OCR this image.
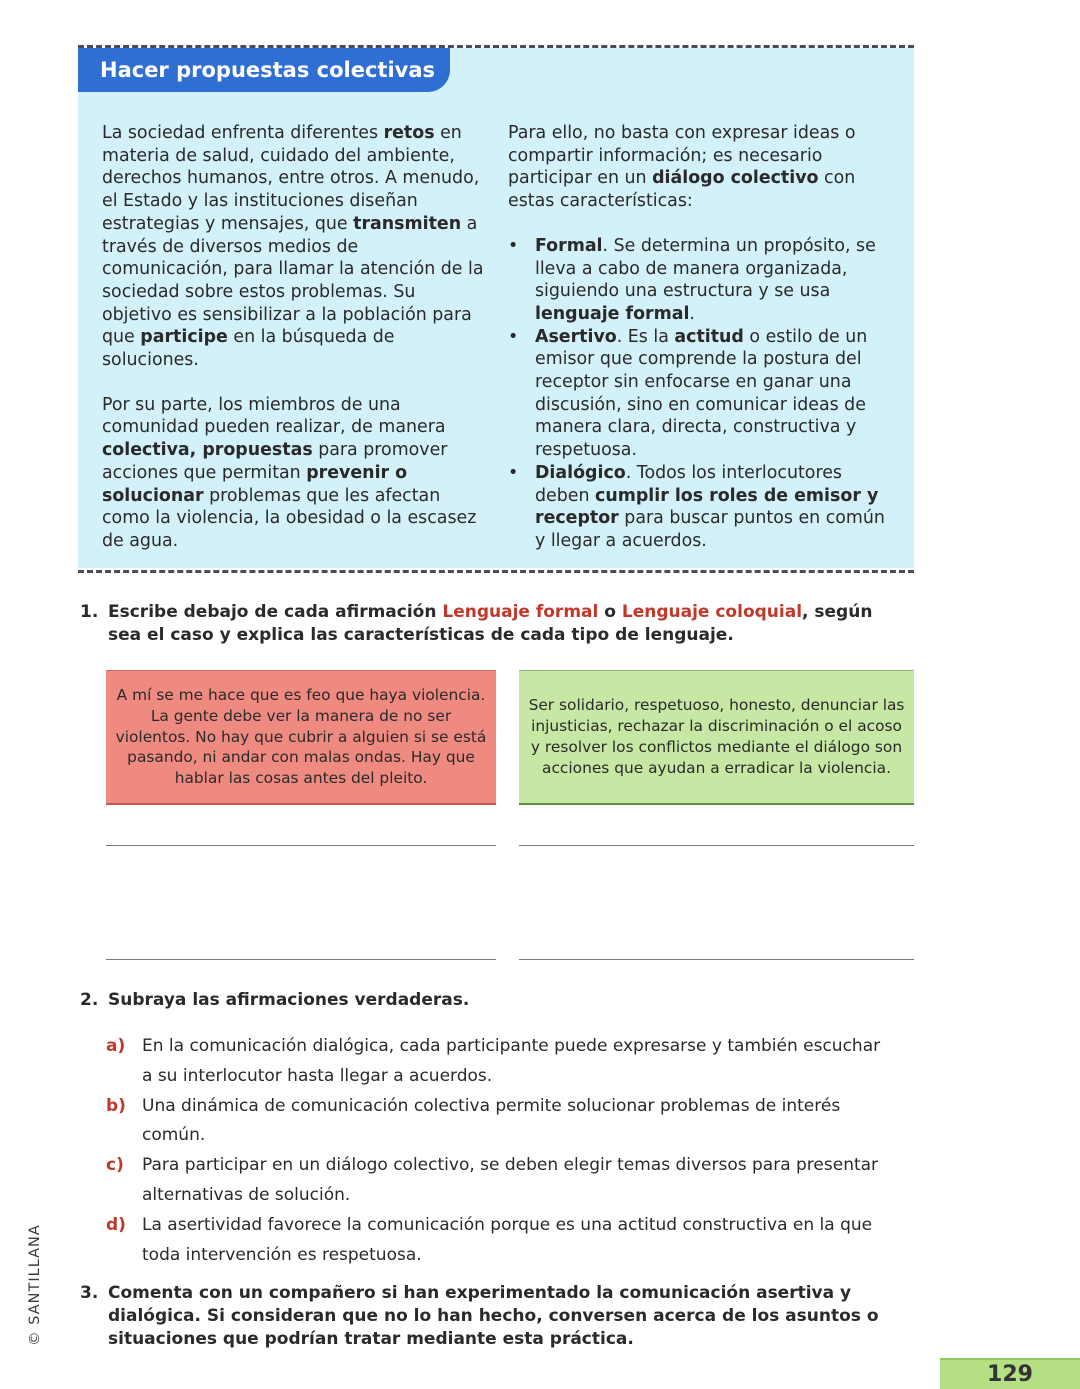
Hacer propuestas colectivas

La sociedad enfrenta diferentes retos en materia de salud, cuidado del ambiente, derechos humanos, entre otros. A menudo, el Estado y las instituciones diseñan estrategias y mensajes, que transmiten a través de diversos medios de comunicación, para llamar la atención de la sociedad sobre estos problemas. Su objetivo es sensibilizar a la población para que participe en la búsqueda de soluciones.

Por su parte, los miembros de una comunidad pueden realizar, de manera colectiva, propuestas para promover acciones que permitan prevenir o solucionar problemas que les afectan como la violencia, la obesidad o la escasez de agua.

Para ello, no basta con expresar ideas o compartir información; es necesario participar en un diálogo colectivo con estas características:

• Formal. Se determina un propósito, se lleva a cabo de manera organizada, siguiendo una estructura y se usa lenguaje formal.
• Asertivo. Es la actitud o estilo de un emisor que comprende la postura del receptor sin enfocarse en ganar una discusión, sino en comunicar ideas de manera clara, directa, constructiva y respetuosa.
• Dialógico. Todos los interlocutores deben cumplir los roles de emisor y receptor para buscar puntos en común y llegar a acuerdos.
1. Escribe debajo de cada afirmación Lenguaje formal o Lenguaje coloquial, según sea el caso y explica las características de cada tipo de lenguaje.
A mí se me hace que es feo que haya violencia. La gente debe ver la manera de no ser violentos. No hay que cubrir a alguien si se está pasando, ni andar con malas ondas. Hay que hablar las cosas antes del pleito.
Ser solidario, respetuoso, honesto, denunciar las injusticias, rechazar la discriminación o el acoso y resolver los conflictos mediante el diálogo son acciones que ayudan a erradicar la violencia.
2. Subraya las afirmaciones verdaderas.
a) En la comunicación dialógica, cada participante puede expresarse y también escuchar a su interlocutor hasta llegar a acuerdos.
b) Una dinámica de comunicación colectiva permite solucionar problemas de interés común.
c) Para participar en un diálogo colectivo, se deben elegir temas diversos para presentar alternativas de solución.
d) La asertividad favorece la comunicación porque es una actitud constructiva en la que toda intervención es respetuosa.
3. Comenta con un compañero si han experimentado la comunicación asertiva y dialógica. Si consideran que no lo han hecho, conversen acerca de los asuntos o situaciones que podrían tratar mediante esta práctica.
© SANTILLANA
129
